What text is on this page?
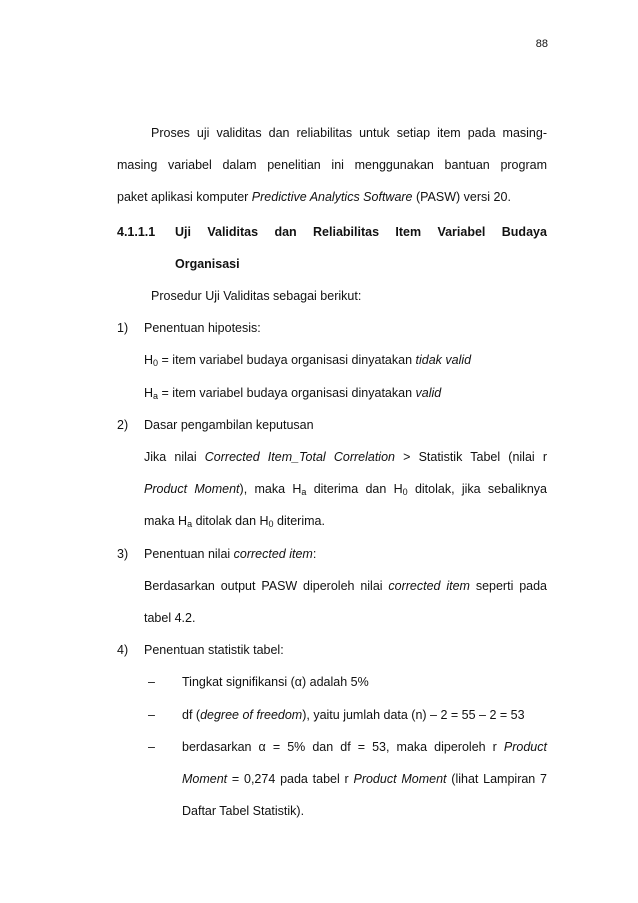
88

Proses uji validitas dan reliabilitas untuk setiap item pada masing-

masing variabel dalam penelitian ini menggunakan bantuan program

paket aplikasi komputer Predictive Analytics Software (PASW) versi 20.

4.1.1.1	Uji Validitas dan Reliabilitas Item Variabel Budaya

Organisasi

Prosedur Uji Validitas sebagai berikut:

1)	Penentuan hipotesis:

$H_0$ = item variabel budaya organisasi dinyatakan tidak valid

$H_a$ = item variabel budaya organisasi dinyatakan valid

2)	Dasar pengambilan keputusan

Jika nilai Corrected Item_Total Correlation > Statistik Tabel (nilai r

Product Moment), maka $H_a$ diterima dan $H_0$ ditolak, jika sebaliknya

maka $H_a$ ditolak dan $H_0$ diterima.

3)	Penentuan nilai corrected item:

Berdasarkan output PASW diperoleh nilai corrected item seperti pada

tabel 4.2.

4)	Penentuan statistik tabel:
–	Tingkat signifikansi (α) adalah 5%
–	df (degree of freedom), yaitu jumlah data (n) – 2 = 55 – 2 = 53
–	berdasarkan α = 5% dan df = 53, maka diperoleh r Product

Moment = 0,274 pada tabel r Product Moment (lihat Lampiran 7

Daftar Tabel Statistik).
